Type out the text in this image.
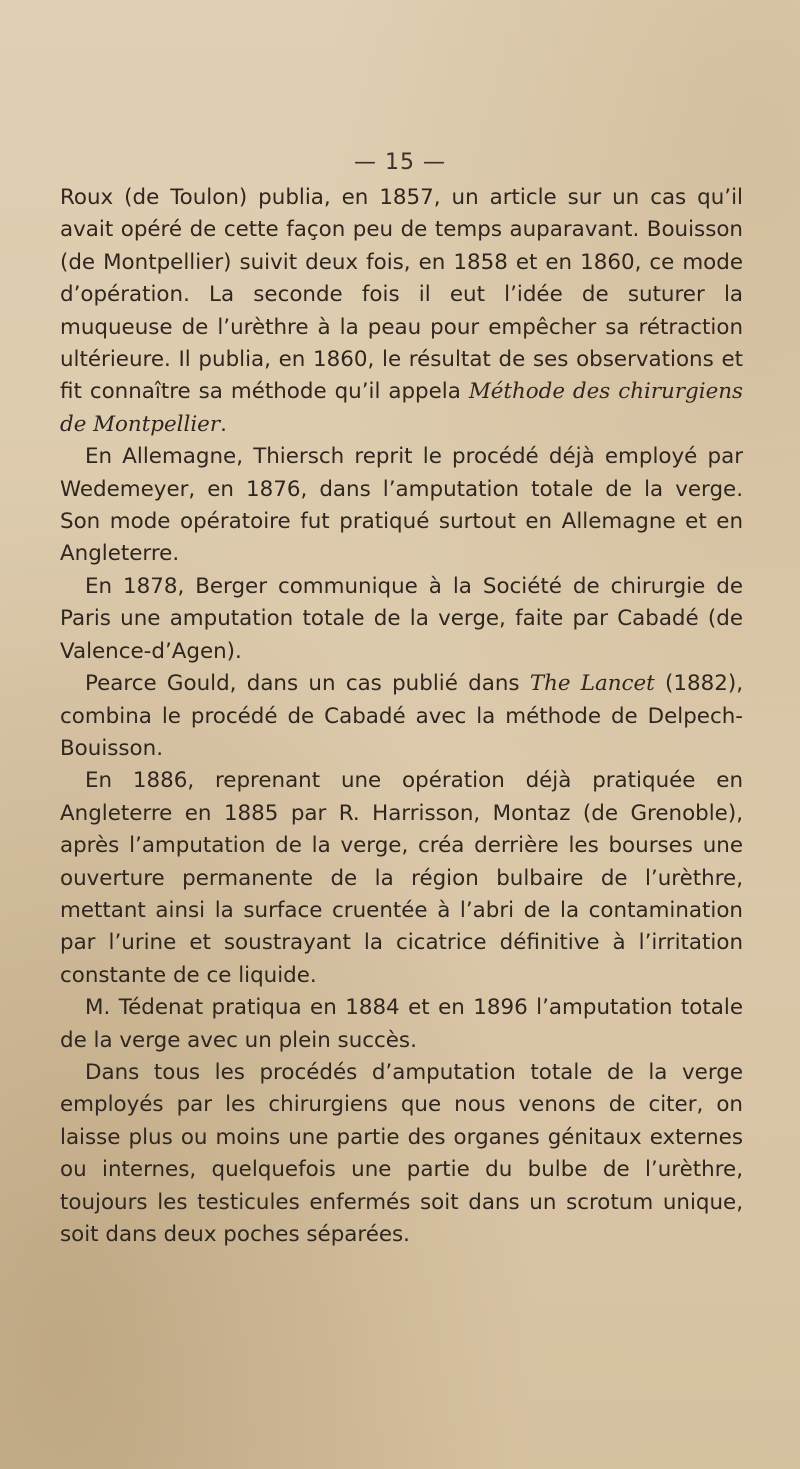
— 15 —

Roux (de Toulon) publia, en 1857, un article sur un cas qu’il avait opéré de cette façon peu de temps auparavant. Bouisson (de Montpellier) suivit deux fois, en 1858 et en 1860, ce mode d’opération. La seconde fois il eut l’idée de suturer la muqueuse de l’urèthre à la peau pour empêcher sa rétraction ultérieure. Il publia, en 1860, le résultat de ses observations et fit connaître sa méthode qu’il appela Méthode des chirurgiens de Montpellier.

En Allemagne, Thiersch reprit le procédé déjà employé par Wedemeyer, en 1876, dans l’amputation totale de la verge. Son mode opératoire fut pratiqué surtout en Allemagne et en Angleterre.

En 1878, Berger communique à la Société de chirurgie de Paris une amputation totale de la verge, faite par Cabadé (de Valence-d’Agen).

Pearce Gould, dans un cas publié dans The Lancet (1882), combina le procédé de Cabadé avec la méthode de Delpech-Bouisson.

En 1886, reprenant une opération déjà pratiquée en Angleterre en 1885 par R. Harrisson, Montaz (de Grenoble), après l’amputation de la verge, créa derrière les bourses une ouverture permanente de la région bulbaire de l’urèthre, mettant ainsi la surface cruentée à l’abri de la contamination par l’urine et soustrayant la cicatrice définitive à l’irritation constante de ce liquide.

M. Tédenat pratiqua en 1884 et en 1896 l’amputation totale de la verge avec un plein succès.

Dans tous les procédés d’amputation totale de la verge employés par les chirurgiens que nous venons de citer, on laisse plus ou moins une partie des organes génitaux externes ou internes, quelquefois une partie du bulbe de l’urèthre, toujours les testicules enfermés soit dans un scrotum unique, soit dans deux poches séparées.
